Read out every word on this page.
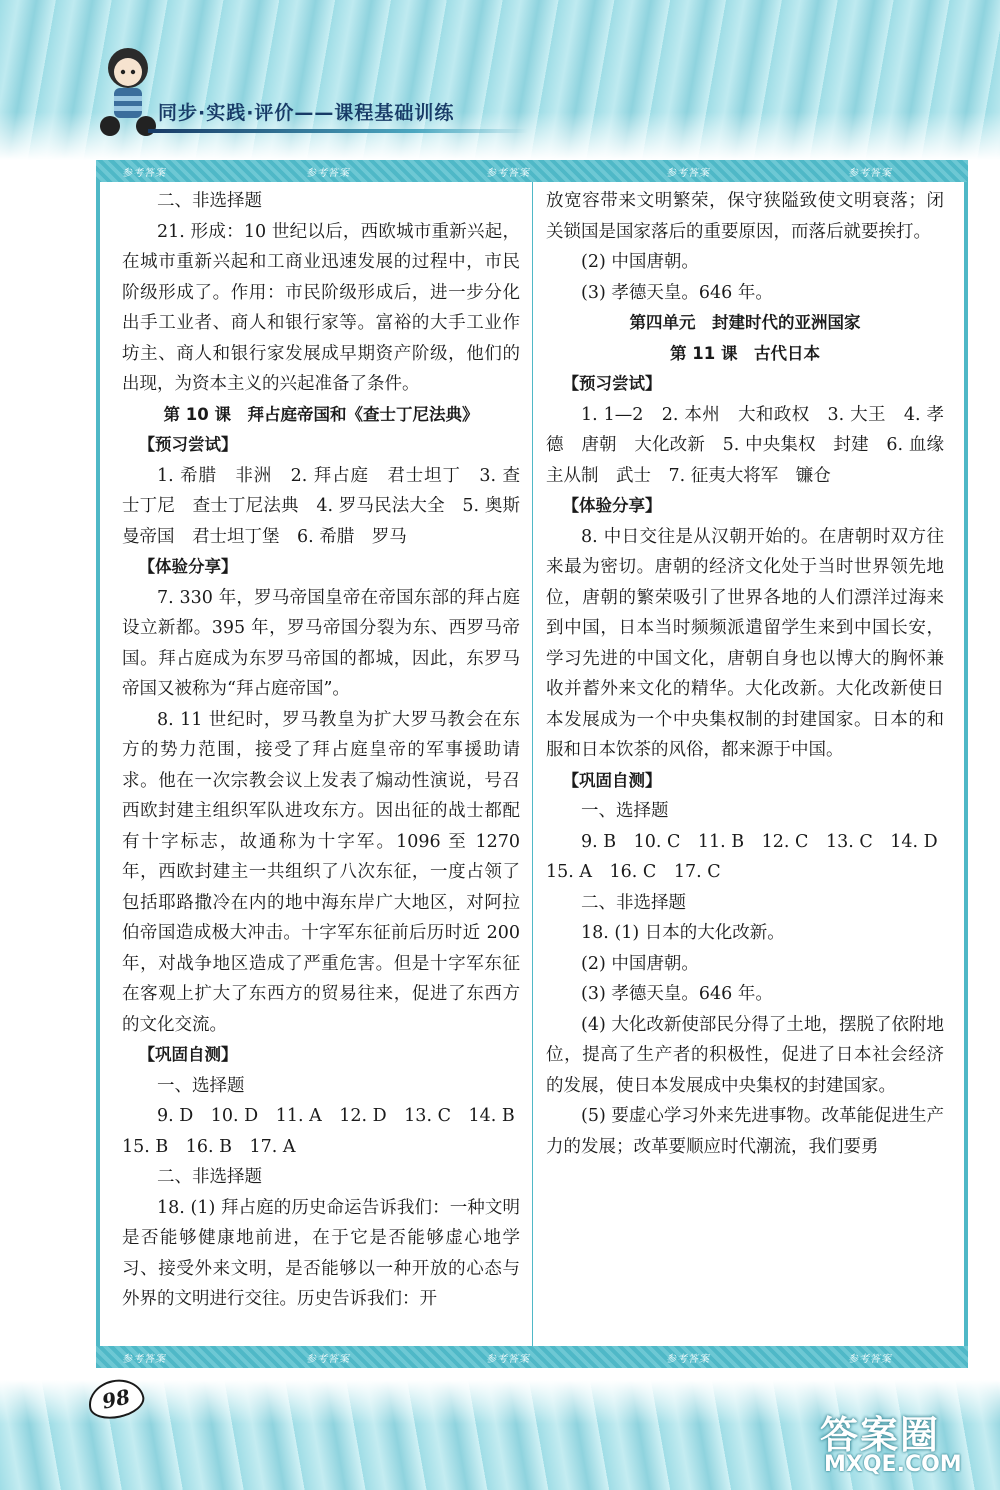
同步·实践·评价——课程基础训练
参考答案	参考答案	参考答案	参考答案	参考答案
参考答案	参考答案	参考答案	参考答案	参考答案

二、非选择题

21. 形成：10 世纪以后，西欧城市重新兴起，在城市重新兴起和工商业迅速发展的过程中，市民阶级形成了。作用：市民阶级形成后，进一步分化出手工业者、商人和银行家等。富裕的大手工业作坊主、商人和银行家发展成早期资产阶级，他们的出现，为资本主义的兴起准备了条件。

第 10 课　拜占庭帝国和《查士丁尼法典》

【预习尝试】

1. 希腊　非洲　2. 拜占庭　君士坦丁　3. 查士丁尼　查士丁尼法典　4. 罗马民法大全　5. 奥斯曼帝国　君士坦丁堡　6. 希腊　罗马

【体验分享】

7. 330 年，罗马帝国皇帝在帝国东部的拜占庭设立新都。395 年，罗马帝国分裂为东、西罗马帝国。拜占庭成为东罗马帝国的都城，因此，东罗马帝国又被称为“拜占庭帝国”。

8. 11 世纪时，罗马教皇为扩大罗马教会在东方的势力范围，接受了拜占庭皇帝的军事援助请求。他在一次宗教会议上发表了煽动性演说，号召西欧封建主组织军队进攻东方。因出征的战士都配有十字标志，故通称为十字军。1096 至 1270 年，西欧封建主一共组织了八次东征，一度占领了包括耶路撒冷在内的地中海东岸广大地区，对阿拉伯帝国造成极大冲击。十字军东征前后历时近 200 年，对战争地区造成了严重危害。但是十字军东征在客观上扩大了东西方的贸易往来，促进了东西方的文化交流。

【巩固自测】

一、选择题

9. D　10. D　11. A　12. D　13. C　14. B

15. B　16. B　17. A

二、非选择题

18. (1) 拜占庭的历史命运告诉我们：一种文明是否能够健康地前进，在于它是否能够虚心地学习、接受外来文明，是否能够以一种开放的心态与外界的文明进行交往。历史告诉我们：开

放宽容带来文明繁荣，保守狭隘致使文明衰落；闭关锁国是国家落后的重要原因，而落后就要挨打。

(2) 中国唐朝。

(3) 孝德天皇。646 年。

第四单元　封建时代的亚洲国家

第 11 课　古代日本

【预习尝试】

1. 1—2　2. 本州　大和政权　3. 大王　4. 孝德　唐朝　大化改新　5. 中央集权　封建　6. 血缘　主从制　武士　7. 征夷大将军　镰仓

【体验分享】

8. 中日交往是从汉朝开始的。在唐朝时双方往来最为密切。唐朝的经济文化处于当时世界领先地位，唐朝的繁荣吸引了世界各地的人们漂洋过海来到中国，日本当时频频派遣留学生来到中国长安，学习先进的中国文化，唐朝自身也以博大的胸怀兼收并蓄外来文化的精华。大化改新。大化改新使日本发展成为一个中央集权制的封建国家。日本的和服和日本饮茶的风俗，都来源于中国。

【巩固自测】

一、选择题

9. B　10. C　11. B　12. C　13. C　14. D

15. A　16. C　17. C

二、非选择题

18. (1) 日本的大化改新。

(2) 中国唐朝。

(3) 孝德天皇。646 年。

(4) 大化改新使部民分得了土地，摆脱了依附地位，提高了生产者的积极性，促进了日本社会经济的发展，使日本发展成中央集权的封建国家。

(5) 要虚心学习外来先进事物。改革能促进生产力的发展；改革要顺应时代潮流，我们要勇

98
答案圈
MXQE.COM
